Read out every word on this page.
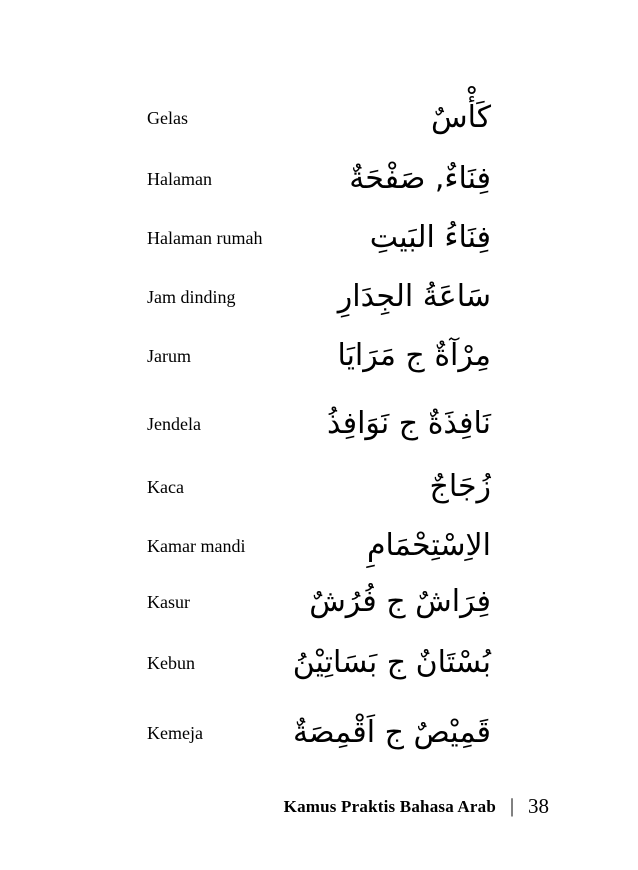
Gelas	كَأْسٌ
Halaman	فِنَاءٌ, صَفْحَةٌ
Halaman rumah	فِنَاءُ البَيتِ
Jam dinding	سَاعَةُ الجِدَارِ
Jarum	مِرْآةٌ ج مَرَايَا
Jendela	نَافِذَةٌ ج نَوَافِذُ
Kaca	زُجَاجٌ
Kamar mandi	الاِسْتِحْمَامِ
Kasur	فِرَاشٌ ج فُرُشٌ
Kebun	بُسْتَانٌ ج بَسَاتِيْنُ
Kemeja	قَمِيْصٌ ج اَقْمِصَةٌ
Kamus Praktis Bahasa Arab | 38
